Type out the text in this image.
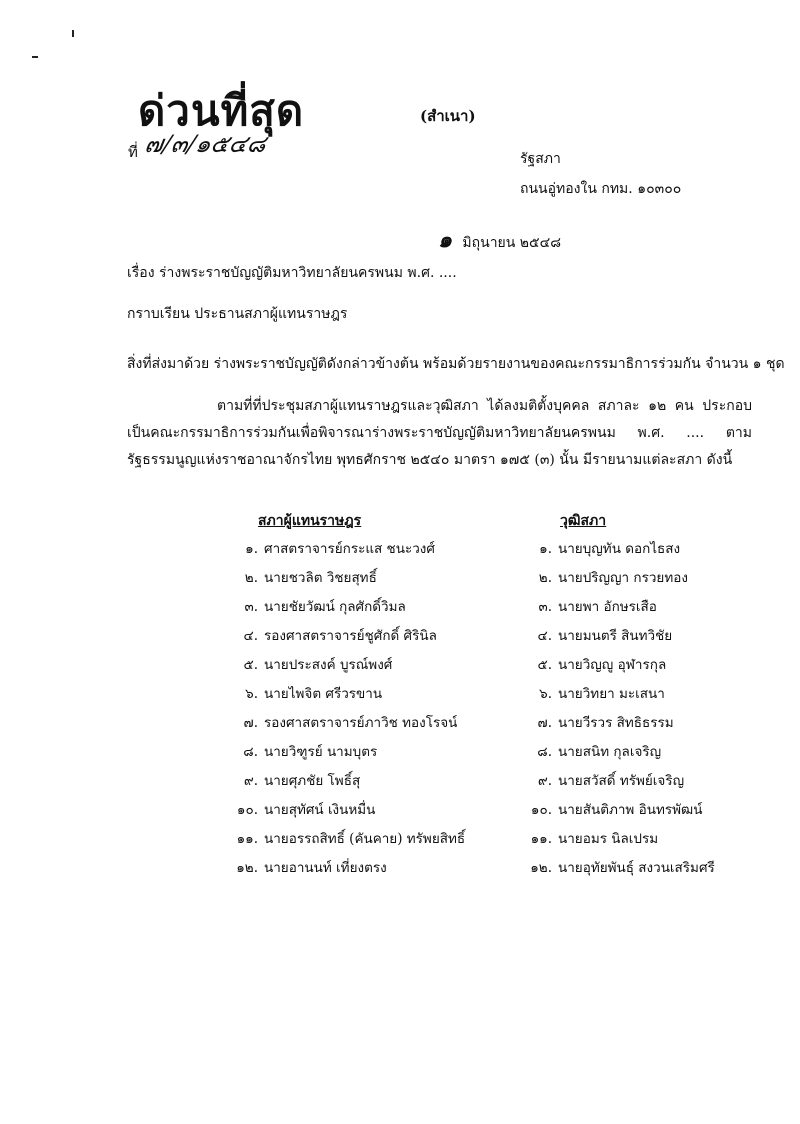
ด่วนที่สุด	(สำเนา)
ที่ ๗/๓/๑๕๔๘
รัฐสภา
ถนนอู่ทองใน กทม. ๑๐๓๐๐
๑ มิถุนายน ๒๕๔๘
เรื่อง ร่างพระราชบัญญัติมหาวิทยาลัยนครพนม พ.ศ. ....
กราบเรียน ประธานสภาผู้แทนราษฎร
สิ่งที่ส่งมาด้วย ร่างพระราชบัญญัติดังกล่าวข้างต้น พร้อมด้วยรายงานของคณะกรรมาธิการร่วมกัน จำนวน ๑ ชุด
ตามที่ที่ประชุมสภาผู้แทนราษฎรและวุฒิสภา ได้ลงมติตั้งบุคคล สภาละ ๑๒ คน ประกอบเป็นคณะกรรมาธิการร่วมกันเพื่อพิจารณาร่างพระราชบัญญัติมหาวิทยาลัยนครพนม พ.ศ. .... ตามรัฐธรรมนูญแห่งราชอาณาจักรไทย พุทธศักราช ๒๕๔๐ มาตรา ๑๗๕ (๓) นั้น มีรายนามแต่ละสภา ดังนี้
สภาผู้แทนราษฎร	วุฒิสภา
๑. ศาสตราจารย์กระแส ชนะวงศ์
๒. นายชวลิต วิชยสุทธิ์
๓. นายชัยวัฒน์ กุลศักดิ์วิมล
๔. รองศาสตราจารย์ชูศักดิ์ ศิรินิล
๕. นายประสงค์ บูรณ์พงศ์
๖. นายไพจิต ศรีวรขาน
๗. รองศาสตราจารย์ภาวิช ทองโรจน์
๘. นายวิฑูรย์ นามบุตร
๙. นายศุภชัย โพธิ์สุ
๑๐. นายสุทัศน์ เงินหมื่น
๑๑. นายอรรถสิทธิ์ (คันคาย) ทรัพยสิทธิ์
๑๒. นายอานนท์ เที่ยงตรง
๑. นายบุญทัน ดอกไธสง
๒. นายปริญญา กรวยทอง
๓. นายพา อักษรเสือ
๔. นายมนตรี สินทวิชัย
๕. นายวิญญู อุฬารกุล
๖. นายวิทยา มะเสนา
๗. นายวีรวร สิทธิธรรม
๘. นายสนิท กุลเจริญ
๙. นายสวัสดิ์ ทรัพย์เจริญ
๑๐. นายสันติภาพ อินทรพัฒน์
๑๑. นายอมร นิลเปรม
๑๒. นายอุทัยพันธุ์ สงวนเสริมศรี
